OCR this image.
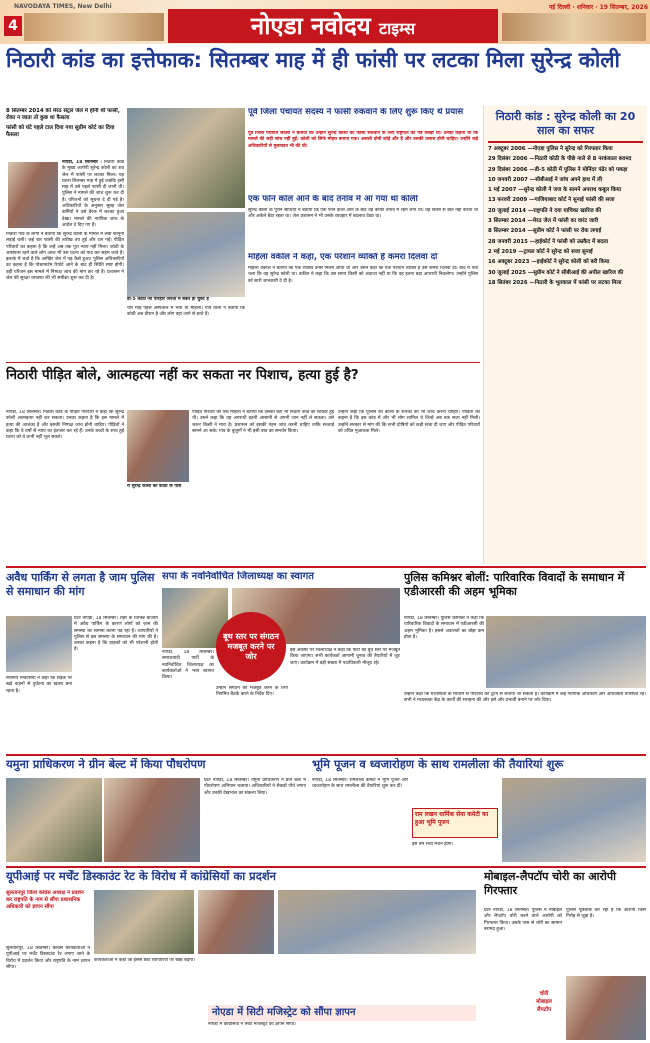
NAVODAYA TIMES, New Delhi
4	नोएडा नवोदय टाइम्स
नई दिल्ली · शनिवार · 19 सितम्बर, 2026
निठारी कांड का इत्तेफाक: सितम्बर माह में ही फांसी पर लटका मिला सुरेन्द्र कोली
8 सितम्बर 2014 को मेरठ सेंट्रल जेल में होनी थी फांसी, रोका न जाता तो कुछ था फैसला
फांसी को घंटे पहले टाल दिया गया सुप्रीम कोर्ट का दिया फैसला
नोएडा, 18 सितम्बर । निठारी कांड के मुख्य आरोपी सुरेन्द्र कोली का शव जेल में फांसी पर लटका मिला। यह घटना सितम्बर माह में हुई जबकि इसी माह में उसे पहले फांसी दी जानी थी। पुलिस ने मामले की जांच शुरू कर दी है। परिजनों को सूचना दे दी गई है। अधिकारियों के अनुसार सुबह जेल कर्मियों ने उसे बैरक में लटका हुआ देखा। मामले की न्यायिक जांच के आदेश दे दिए गए हैं।
निठारी गांव के लोगों ने बताया कि सुरेन्द्र कोली के मामले में लंबी कानूनी लड़ाई चली। कई बार फांसी की तारीख तय हुई और टल गई। पीड़ित परिवारों का कहना है कि उन्हें अब तक पूरा न्याय नहीं मिला। कोठी के आसपास रहने वाले लोग आज भी उस घटना को याद कर सहम जाते हैं। इलाके में चर्चा है कि आखिर जेल में यह कैसे हुआ। पुलिस अधिकारियों का कहना है कि पोस्टमार्टम रिपोर्ट आने के बाद ही स्थिति स्पष्ट होगी। वहीं परिजन इस मामले में निष्पक्ष जांच की मांग कर रहे हैं। प्रशासन ने जेल की सुरक्षा व्यवस्था की भी समीक्षा शुरू कर दी है।
डी-5 कोठी जो परिहार जनता में बंकर हो चुकी है
चार माह पहले अस्पताल में भर्ती थी महिला। गांव वालों ने बताया कि कोठी अब वीरान है और लोग वहां जाने से डरते हैं।
पूर्व जिला पंचायत सदस्य ने फांसी रुकवाने के लिए शुरू किए थे प्रयास
पूर्व जिला पंचायत सदस्य ने बताया कि उन्होंने सुरेन्द्र कोली की फांसी रुकवाने के लिए राष्ट्रपति को पत्र लिखा था। उनका कहना था कि मामले की सही जांच नहीं हुई। कोली को सिर्फ मोहरा बनाया गया। असली दोषी कोई और है और उसकी तलाश होनी चाहिए। उन्होंने कई अधिकारियों से मुलाकात भी की थी।
एक फोन कॉल आने के बाद तनाव में आ गया था कोली
सुरेन्द्र कोली के पुराने साथियों ने बताया कि एक फोन कॉल आने के बाद वह काफी तनाव में रहने लगा था। वह किसी से बात नहीं करता था और अकेले बैठा रहता था। जेल प्रशासन ने भी उसके व्यवहार में बदलाव देखा था।
महिला वकील ने कहा, एक परेशान व्यक्ति है कमरा दिलवा दो
महिला वकील ने बताया कि एक व्यक्ति उनसे मिलने आया था और उसने कहा कि एक परेशान व्यक्ति है उसे कमरा दिलवा दो। बाद में पता चला कि वह सुरेन्द्र कोली था। वकील ने कहा कि उस समय किसी को अंदाजा नहीं था कि वह इतना बड़ा अपराधी निकलेगा। उन्होंने पुलिस को सारी जानकारी दे दी है।
निठारी कांड : सुरेन्द्र कोली का 20 साल का सफर
7 अक्टूबर 2006 —नोएडा पुलिस ने सुरेन्द्र को गिरफ्तार किया
29 दिसंबर 2006 —निठारी कोठी के पीछे नाले से 8 नरकंकाल बरामद
29 दिसंबर 2006 —डी-5 कोठी में पुलिस ने मोनिंदर पंढेर को पकड़ा
10 जनवरी 2007 —सीबीआई ने जांच अपने हाथ में ली
1 मई 2007 —सुरेन्द्र कोली ने जज के सामने अपराध कबूल किया
13 फरवरी 2009 —गाजियाबाद कोर्ट ने सुनाई फांसी की सजा
20 जुलाई 2014 —राष्ट्रपति ने दया याचिका खारिज की
3 सितम्बर 2014 —मेरठ जेल में फांसी का वारंट जारी
8 सितम्बर 2014 —सुप्रीम कोर्ट ने फांसी पर रोक लगाई
28 जनवरी 2015 —हाईकोर्ट ने फांसी को उम्रकैद में बदला
2 मई 2019 —ट्रायल कोर्ट ने सुरेन्द्र को सजा सुनाई
16 अक्टूबर 2023 —हाईकोर्ट ने सुरेन्द्र कोली को बरी किया
30 जुलाई 2025 —सुप्रीम कोर्ट ने सीबीआई की अपील खारिज की
18 सितंबर 2026 —निठारी के भूतकाल में फांसी पर लटका मिला
निठारी पीड़ित बोले, आत्महत्या नहीं कर सकता नर पिशाच, हत्या हुई है?
रो सुरेन्द्र कोली की कोठी के पास
नोएडा, 18 सितम्बर। निठारी कांड के पीड़ित परिवारों ने कहा कि सुरेन्द्र कोली आत्महत्या नहीं कर सकता। उनका कहना है कि इस मामले में हत्या की आशंका है और इसकी निष्पक्ष जांच होनी चाहिए। पीड़ितों ने कहा कि वे वर्षों से न्याय का इंतजार कर रहे हैं। उनके बच्चों के साथ हुई घटना को वे कभी नहीं भूल सकते।
पीड़ित परिवार की एक महिला ने बताया कि उसकी बेटी भी निठारी कांड का शिकार हुई थी। उसने कहा कि वह अपराधी इतनी आसानी से अपनी जान नहीं ले सकता। उसे जरूर किसी ने मारा है। प्रशासन को इसकी गहन जांच करनी चाहिए ताकि सच्चाई सामने आ सके। गांव के बुजुर्गों ने भी इसी बात का समर्थन किया।
उन्होंने कहा कि पुलिस को कोली के संपर्कों की भी जांच करनी चाहिए। पीड़ितों का कहना है कि इस कांड में और भी लोग शामिल थे जिन्हें अब तक सजा नहीं मिली। उन्होंने सरकार से मांग की कि सभी दोषियों को कड़ी सजा दी जाए और पीड़ित परिवारों को उचित मुआवजा मिले।
अवैध पार्किंग से लगता है जाम पुलिस से समाधान की मांग
ग्रेटर नोएडा, 18 सितम्बर। शहर के विभिन्न बाजारों में अवैध पार्किंग के कारण लोगों को जाम की समस्या का सामना करना पड़ रहा है। व्यापारियों ने पुलिस से इस समस्या के समाधान की मांग की है। उनका कहना है कि ग्राहकों को भी परेशानी होती है।
स्थानीय निवासियों ने कहा कि सड़क पर खड़े वाहनों से दुर्घटना का खतरा बना रहता है।
सपा के नवनिर्वाचित जिलाध्यक्ष का स्वागत
बूथ स्तर पर संगठन मजबूत करने पर जोर
नोएडा, 18 सितम्बर। समाजवादी पार्टी के नवनिर्वाचित जिलाध्यक्ष का कार्यकर्ताओं ने भव्य स्वागत किया।
इस अवसर पर जिलाध्यक्ष ने कहा कि पार्टी को बूथ स्तर पर मजबूत किया जाएगा। सभी कार्यकर्ता आगामी चुनाव की तैयारियों में जुट जाएं। कार्यक्रम में बड़ी संख्या में पदाधिकारी मौजूद रहे।
उन्होंने संगठन को मजबूत करने के लिए नियमित बैठकें करने के निर्देश दिए।
पुलिस कमिश्नर बोलीं: पारिवारिक विवादों के समाधान में एडीआरसी की अहम भूमिका
नोएडा, 18 सितम्बर। पुलिस कमिश्नर ने कहा कि पारिवारिक विवादों के समाधान में एडीआरसी की अहम भूमिका है। इससे अदालतों का बोझ कम होता है।
उन्होंने कहा कि मध्यस्थता के माध्यम से परिवारों को टूटने से बचाया जा सकता है। कार्यक्रम में कई न्यायिक अधिकारी और अधिवक्ता उपस्थित रहे। सभी ने मध्यस्थता केंद्र के कार्यों की सराहना की और इसे और प्रभावी बनाने पर जोर दिया।
यमुना प्राधिकरण ने ग्रीन बेल्ट में किया पौधरोपण
ग्रेटर नोएडा, 18 सितम्बर। यमुना प्राधिकरण ने ग्रीन बेल्ट में पौधरोपण अभियान चलाया। अधिकारियों ने सैकड़ों पौधे लगाए और उनकी देखभाल का संकल्प लिया।
भूमि पूजन व ध्वजारोहण के साथ रामलीला की तैयारियां शुरू
राम लखन धार्मिक सेवा कमेटी का हुआ भूमि पूजन
नोएडा, 18 सितम्बर। रामलीला कमेटी ने भूमि पूजन और ध्वजारोहण के साथ रामलीला की तैयारियां शुरू कर दीं।
इस वर्ष भव्य मंचन होगा।
यूपीआई पर मर्चेंट डिस्काउंट रेट के विरोध में कांग्रेसियों का प्रदर्शन
सुलतानपुर जिला कांग्रेस अध्यक्ष ने प्रदर्शन कर राष्ट्रपति के नाम से सौंपा प्रशासनिक अधिकारी को ज्ञापन सौंपा
सुलतानपुर, 18 सितम्बर। कांग्रेस कार्यकर्ताओं ने यूपीआई पर मर्चेंट डिस्काउंट रेट लगाए जाने के विरोध में प्रदर्शन किया और राष्ट्रपति के नाम ज्ञापन सौंपा।
कार्यकर्ताओं ने कहा कि इससे छोटे व्यापारियों पर बोझ बढ़ेगा।
नोएडा में सिटी मजिस्ट्रेट को सौंपा ज्ञापन
नोएडा में कांग्रेसियों ने सिटी मजिस्ट्रेट को ज्ञापन सौंपा।
मोबाइल-लैपटॉप चोरी का आरोपी गिरफ्तार
ग्रेटर नोएडा, 18 सितम्बर। पुलिस ने मोबाइल और लैपटॉप चोरी करने वाले आरोपी को गिरफ्तार किया। उसके पास से चोरी का सामान बरामद हुआ।
पुलिस पूछताछ कर रही है कि आरोपी किस गिरोह से जुड़ा है।
चोरी
मोबाइल
लैपटॉप
